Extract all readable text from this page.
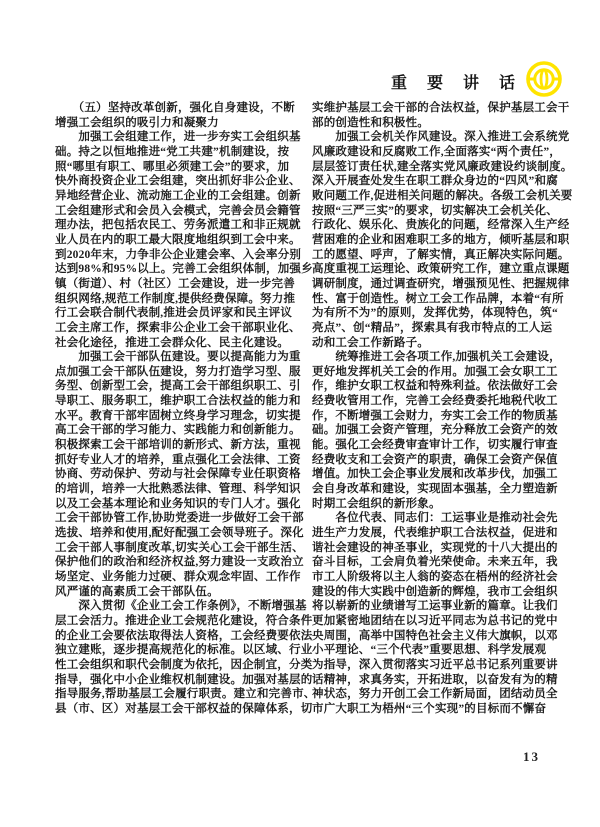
重 要 讲 话
　　（五）坚持改革创新，强化自身建设，不断
增强工会组织的吸引力和凝聚力
　　加强工会组建工作，进一步夯实工会组织基
础。持之以恒地推进“党工共建”机制建设，按
照“哪里有职工、哪里必须建工会”的要求，加
快外商投资企业工会组建，突出抓好非公企业、
异地经营企业、流动施工企业的工会组建。创新
工会组建形式和会员入会模式，完善会员会籍管
理办法，把包括农民工、劳务派遣工和非正规就
业人员在内的职工最大限度地组织到工会中来。
到2020年末，力争非公企业建会率、入会率分别
达到98%和95%以上。完善工会组织体制，加强乡
镇（街道）、村（社区）工会建设，进一步完善
组织网络,规范工作制度,提供经费保障。努力推
行工会联合制代表制,推进会员评家和民主评议
工会主席工作，探索非公企业工会干部职业化、
社会化途径，推进工会群众化、民主化建设。
　　加强工会干部队伍建设。要以提高能力为重
点加强工会干部队伍建设，努力打造学习型、服
务型、创新型工会，提高工会干部组织职工、引
导职工、服务职工，维护职工合法权益的能力和
水平。教育干部牢固树立终身学习理念，切实提
高工会干部的学习能力、实践能力和创新能力。
积极探索工会干部培训的新形式、新方法，重视
抓好专业人才的培养，重点强化工会法律、工资
协商、劳动保护、劳动与社会保障专业任职资格
的培训，培养一大批熟悉法律、管理、科学知识
以及工会基本理论和业务知识的专门人才。强化
工会干部协管工作,协助党委进一步做好工会干部
选拔、培养和使用,配好配强工会领导班子。深化
工会干部人事制度改革,切实关心工会干部生活、
保护他们的政治和经济权益,努力建设一支政治立
场坚定、业务能力过硬、群众观念牢固、工作作
风严谨的高素质工会干部队伍。
　　深入贯彻《企业工会工作条例》，不断增强基
层工会活力。推进企业工会规范化建设，符合条件
的企业工会要依法取得法人资格，工会经费要依法
独立建账，逐步提高规范化的标准。以区域、行业
性工会组织和职代会制度为依托，因企制宜，分类
指导，强化中小企业维权机制建设。加强对基层的
指导服务,帮助基层工会履行职责。建立和完善市、
县（市、区）对基层工会干部权益的保障体系，切
实维护基层工会干部的合法权益，保护基层工会干
部的创造性和积极性。
　　加强工会机关作风建设。深入推进工会系统党
风廉政建设和反腐败工作,全面落实“两个责任”，
层层签订责任状,建全落实党风廉政建设约谈制度。
深入开展查处发生在职工群众身边的“四风”和腐
败问题工作,促进相关问题的解决。各级工会机关要
按照“三严三实”的要求，切实解决工会机关化、
行政化、娱乐化、贵族化的问题，经常深入生产经
营困难的企业和困难职工多的地方，倾听基层和职
工的愿望、呼声，了解实情，真正解决实际问题。
高度重视工运理论、政策研究工作，建立重点课题
调研制度，通过调查研究，增强预见性、把握规律
性、富于创造性。树立工会工作品牌，本着“有所
为有所不为”的原则，发挥优势，体现特色，筑“
亮点”、创“精品”，探索具有我市特点的工人运
动和工会工作新路子。
　　统筹推进工会各项工作,加强机关工会建设，
更好地发挥机关工会的作用。加强工会女职工工
作，维护女职工权益和特殊利益。依法做好工会
经费收管用工作，完善工会经费委托地税代收工
作，不断增强工会财力，夯实工会工作的物质基
础。加强工会资产管理，充分释放工会资产的效
能。强化工会经费审查审计工作，切实履行审查
经费收支和工会资产的职责，确保工会资产保值
增值。加快工会企事业发展和改革步伐，加强工
会自身改革和建设，实现固本强基，全力塑造新
时期工会组织的新形象。
　　各位代表、同志们：工运事业是推动社会先
进生产力发展，代表维护职工合法权益，促进和
谐社会建设的神圣事业，实现党的十八大提出的
奋斗目标，工会肩负着光荣使命。未来五年，我
市工人阶级将以主人翁的姿态在梧州的经济社会
建设的伟大实践中创造新的辉煌，我市工会组织
将以崭新的业绩谱写工运事业新的篇章。让我们
更加紧密地团结在以习近平同志为总书记的党中
央周围，高举中国特色社会主义伟大旗帜，以邓
小平理论、“三个代表”重要思想、科学发展观
为指导，深入贯彻落实习近平总书记系列重要讲
话精神，求真务实，开拓进取，以奋发有为的精
神状态，努力开创工会工作新局面，团结动员全
市广大职工为梧州“三个实现”的目标而不懈奋
13
